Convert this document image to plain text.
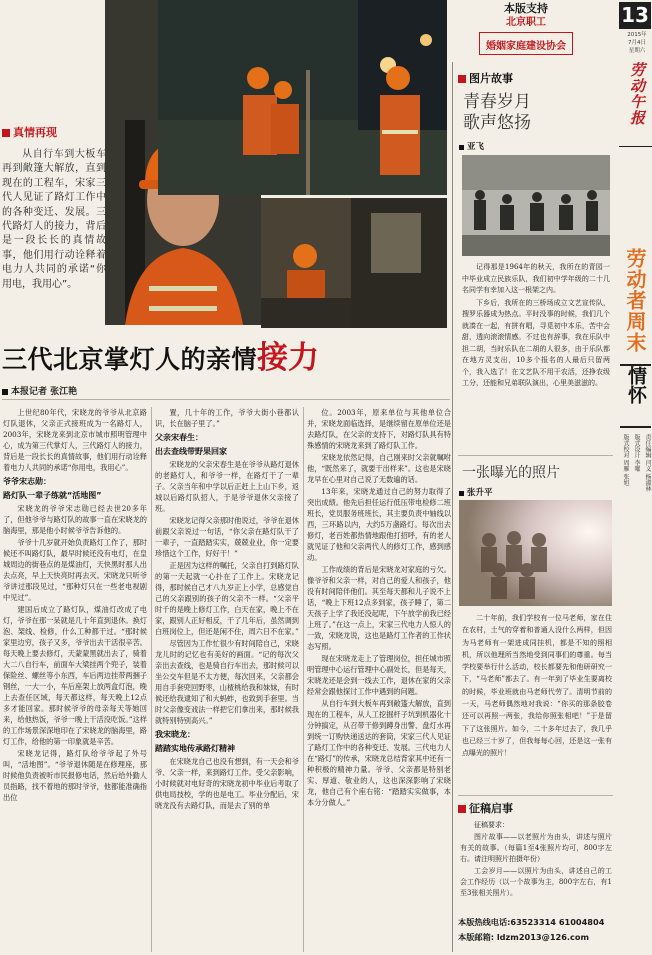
本版支持
北京职工
婚姻家庭建设协会
13
2015年
7月4日
星期六
劳动午报
劳动者周末
情怀
责任编辑 闫义 杨淑林
版式设计 李曜
版式校对 周雁 张旭
真情再现
从自行车到大板车再到敞篷大解放，直到现在的工程车，宋家三代人见证了路灯工作中的各种变迁、发展。三代路灯人的接力，背后是一段长长的真情故事，他们用行动诠释着电力人共同的承诺“你用电，我用心”。
三代北京掌灯人的亲情接力
本报记者 张江艳

上世纪80年代，宋晓龙的爷爷从北京路灯队退休，父亲正式接班成为一名路灯人，2003年，宋晓龙来到北京市城市照明管理中心，成为第三代掌灯人，三代路灯人的接力，背后是一段长长的真情故事，他们用行动诠释着电力人共同的承诺“你用电，我用心”。

爷爷宋志勋：
路灯队一辈子练就“活地图”

宋晓龙的爷爷宋志勋已经去世20多年了，但他爷爷与路灯队的故事一直在宋晓龙的脑海里，那是他小时候爷爷告诉他的。

爷爷十几岁就开始负责路灯工作了，那时候还不叫路灯队，最早时候还没有电灯，在皇城周边的街巷点的是煤油灯，天快黑时那人出去点亮，早上天快亮时再去灭。宋晓龙只听爷爷讲过那段见过，“那种灯只在一些老电视剧中见过”。

建国后成立了路灯队，煤油灯改成了电灯，爷爷在那一呆就是几十年直到退休。换灯泡、架线、检修，什么工种都干过。“那时候家里边穷，孩子又多，爷爷出去干活很辛苦。每天晚上要去修灯，天蒙蒙黑就出去了，骑着大二八自行车，前面车大梁挂两个兜子，装着保险丝、螺丝等小东西，车后两边挂带两捆子钢丝，一大一小，车后座架上放两盒灯泡，晚上去查任区域，每天都这样，每天晚上12点多才能回家。那时候爷爷的母亲每天等她回来，给他热饭，爷爷一晚上干活没吃饭。”这样的工作场景深深地印在了宋晓龙的脑海里，路灯工作，给他的第一印象就是辛苦。

宋晓龙记得，路灯队给爷爷起了外号叫，“活地图”。“爷爷退休随是在修理座，那时候他负责被听市民报修电话，然后给外勤人员指路，找不着地的那时爷爷，他都能准确指出位

置，几十年的工作，爷爷大街小巷都认识，长在脑子里了。”

父亲宋春生：
出去查线带野果回家

宋晓龙的父亲宋春生是在爷爷从路灯退休的老路灯人，和爷爷一样，在路灯干了一辈子。父亲当年和中学以后正赶上上山下乡，返城以后路灯队招人，于是爷爷退休父亲接了班。

宋晓龙记得父亲那时他说过，爷爷在退休前跟父亲说过一句话，“你父亲在路灯队干了一辈子，一直踏踏实实，兢兢业业，你一定要珍惜这个工作，好好干！”

正是因为这样的嘱托，父亲自打到路灯队的第一天起就一心扑在了工作上。宋晓龙记得，那时候自己才八九岁正上小学，总感觉自己的父亲跟别的孩子的父亲不一样。“父亲平时千的是晚上修灯工作，白天在家，晚上不在家，跟别人正好相反，干了几年后，虽然调到白班岗位上，但还是闲不住，周六日不在家。”

尽管因为工作忙很少有时间陪自己，宋晓龙儿时的记忆也有美好的画面。“记的每次父亲出去查线，也是骑自行车出去，那时候可以坐公交车但是不太方便，每次回来，父亲都会用自手套兜回野枣，山楂桃给我和妹妹，有时候还给我逮知了和大蚂蚱，也致到手套里。当时父亲像变戏法一样把它们拿出来，那时候我就特别特别高兴。”

我宋晓龙：
踏踏实地传承路灯精神

在宋晓龙自己也没有想到，有一天会和爷爷、父亲一样，来到路灯工作。受父亲影响，小时候就对电好奇的宋晓龙初中毕业后考取了供电局技校，学的也是电工。毕业分配后，宋晓龙没有去路灯队，而是去了别的单

位。2003年，原来单位与其他单位合并，宋晓龙面临选择，是继续留在原单位还是去路灯队，在父亲的支持下，对路灯队具有特殊感情的宋晓龙来到了路灯队工作。

宋晓龙依然记得，自己刚来时父亲就嘱咐他，“既然来了，就要干出样来”。这也是宋晓龙早在心里对自己说了无数遍的话。

13年来，宋晓龙通过自己的努力取得了突出成绩。他先后担任运行低压带电检修二班班长，党员服务班班长，其主要负责中轴线以西，三环路以内，大约5万盏路灯。每次出去修灯，老百姓都热情地跟他打招呼，有的老人就见证了他和父亲两代人的修灯工作，感到感动。

工作成绩的背后是宋晓龙对家庭的亏欠。像爷爷和父亲一样，对自己的爱人和孩子，他没有时间陪伴他们。其至每天都和儿子说不上话，“晚上下班12点多到家，孩子睡了，第二天孩子上学了我还没起呢，下午放学前我已经上班了。”在这一点上，宋家三代电力人惊人的一致，宋晓龙说，这也是路灯工作者的工作状态写照。

现在宋晓龙走上了管理岗位，担任城市照明管理中心运行管理中心副处长，但是每天，宋晓龙还是会到一线去工作，退休在家的父亲经常会跟他探讨工作中遇到的问题。

从自行车到大板车再到敞篷大解放，直到现在的工程车，从人工挖掘杆子坑到机器化十分钟搞定，从召带干修到蹲身出警、盘灯水再到统一订购快递送达的套筒，宋家三代人见证了路灯工作中的各种变迁、发展。三代电力人在“路灯”的传承，宋晓龙总结背家其中还有一种积极的精神力量。爷爷、父亲都是特别老实、厚道、敬业的人，这也深深影响了宋晓龙，他自己有个座右铭：“踏踏实实做事，本本分分做人。”

图片故事
青春岁月
歌声悠扬
亚飞

记得那是1964年的秋天，我所在的青园一中毕业成立民族乐队，我们初中学年级的二十几名同学有幸加入这一根架之内。

下乡后，我所在的三桥场成立文艺宣传队，搜罗乐器成为热点。平时没事的时候，我们几个就凑在一起，有拼有唱，寻觅初中本乐，苦中会甜，透向滚滚情感。不过也有辞事，我在乐队中担二胡，当时乐队在二胡的人很多，由于乐队都在地方灵支出，10多个报名的人最后只留两个，我入选了！在文艺队不用干农活，还挣农级工分，还能和兄弟联队演出，心里美滋滋的。

一张曝光的照片
张升平

二十年前，我们学校有一位马老师，家在住在农村，土气的穿着和普通人没什么两样，但因为马老师有一架进成同挂机，都是不知的照相机，所以他理所当然地受到同事们的尊重。每当学校要举行什么活动，校长都要先和他研研究一下，“马老师”都去了。有一年到了毕业生要离校的时候，毕业班就由马老师代劳了。清明节前的一天，马老师偶然地对我说：“你买的那条胶卷还可以再照一两张，我给你照张相吧！”于是留下了这张照片。如今，二十多年过去了，我几乎也已经三十岁了，但我每每心回，还是这一张有点曝光的照片！

征稿启事

征稿要求：

图片故事——以老照片为由头，讲述与照片有关的故事。（每篇1至4张照片均可，800字左右。请注明照片拍摄年份）

工会岁月——以照片为由头，讲述自己的工会工作经历（以一个故事为主，800字左右，有1至3张相关照片）。

本版热线电话:63523314 61004804
本版邮箱: ldzm2013@126.com
